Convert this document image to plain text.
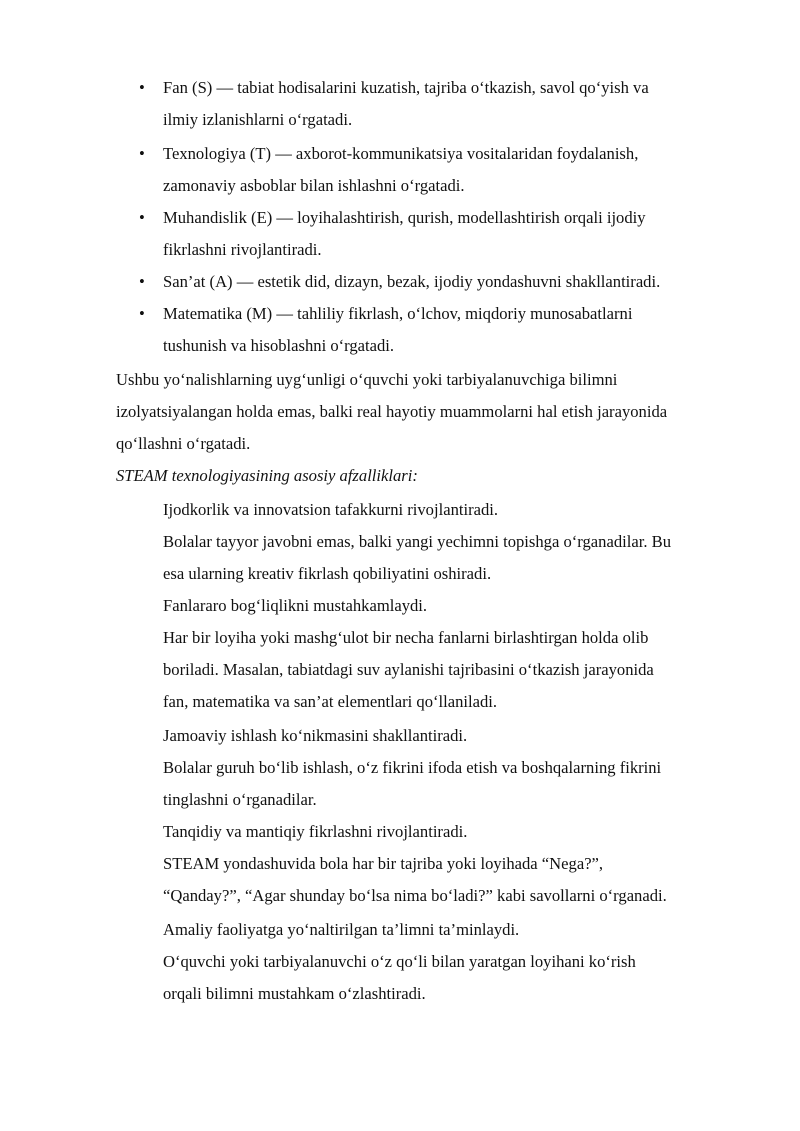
•	Fan (S) — tabiat hodisalarini kuzatish, tajriba o‘tkazish, savol qo‘yish va
ilmiy izlanishlarni o‘rgatadi.
•	Texnologiya (T) — axborot-kommunikatsiya vositalaridan foydalanish,
zamonaviy asboblar bilan ishlashni o‘rgatadi.
•	Muhandislik (E) — loyihalashtirish, qurish, modellashtirish orqali ijodiy
fikrlashni rivojlantiradi.
•	San’at (A) — estetik did, dizayn, bezak, ijodiy yondashuvni shakllantiradi.
•	Matematika (M) — tahliliy fikrlash, o‘lchov, miqdoriy munosabatlarni
tushunish va hisoblashni o‘rgatadi.
Ushbu yo‘nalishlarning uyg‘unligi o‘quvchi yoki tarbiyalanuvchiga bilimni
izolyatsiyalangan holda emas, balki real hayotiy muammolarni hal etish jarayonida
qo‘llashni o‘rgatadi.
STEAM texnologiyasining asosiy afzalliklari:
Ijodkorlik va innovatsion tafakkurni rivojlantiradi.
Bolalar tayyor javobni emas, balki yangi yechimni topishga o‘rganadilar. Bu
esa ularning kreativ fikrlash qobiliyatini oshiradi.
Fanlararo bog‘liqlikni mustahkamlaydi.
Har bir loyiha yoki mashg‘ulot bir necha fanlarni birlashtirgan holda olib
boriladi. Masalan, tabiatdagi suv aylanishi tajribasini o‘tkazish jarayonida
fan, matematika va san’at elementlari qo‘llaniladi.
Jamoaviy ishlash ko‘nikmasini shakllantiradi.
Bolalar guruh bo‘lib ishlash, o‘z fikrini ifoda etish va boshqalarning fikrini
tinglashni o‘rganadilar.
Tanqidiy va mantiqiy fikrlashni rivojlantiradi.
STEAM yondashuvida bola har bir tajriba yoki loyihada “Nega?”,
“Qanday?”, “Agar shunday bo‘lsa nima bo‘ladi?” kabi savollarni o‘rganadi.
Amaliy faoliyatga yo‘naltirilgan ta’limni ta’minlaydi.
O‘quvchi yoki tarbiyalanuvchi o‘z qo‘li bilan yaratgan loyihani ko‘rish
orqali bilimni mustahkam o‘zlashtiradi.
